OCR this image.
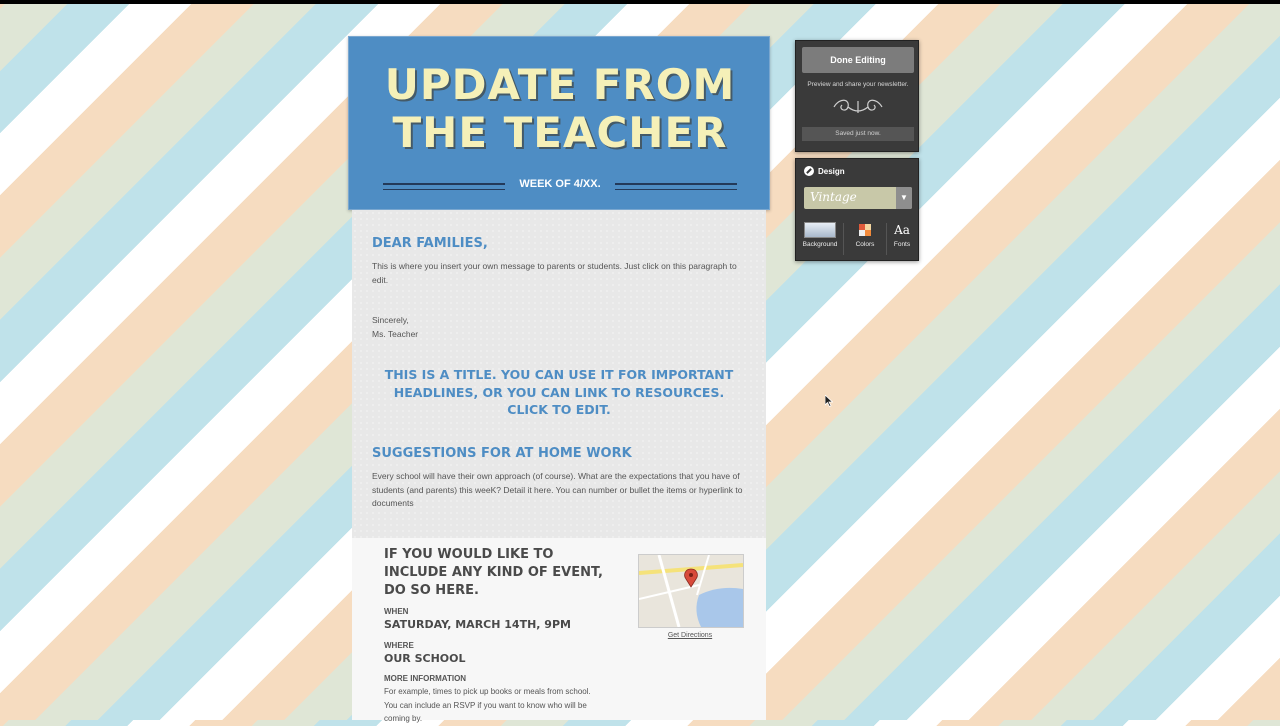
UPDATE FROM
THE TEACHER
WEEK OF 4/XX.
DEAR FAMILIES,
This is where you insert your own message to parents or students. Just click on this paragraph to edit.
Sincerely,
Ms. Teacher
THIS IS A TITLE. YOU CAN USE IT FOR IMPORTANT HEADLINES, OR YOU CAN LINK TO RESOURCES. CLICK TO EDIT.
SUGGESTIONS FOR AT HOME WORK
Every school will have their own approach (of course). What are the expectations that you have of students (and parents) this weeK? Detail it here. You can number or bullet the items or hyperlink to documents
IF YOU WOULD LIKE TO INCLUDE ANY KIND OF EVENT, DO SO HERE.
WHEN
SATURDAY, MARCH 14TH, 9PM
WHERE
OUR SCHOOL
MORE INFORMATION
For example, times to pick up books or meals from school. You can include an RSVP if you want to know who will be coming by.
Get Directions
Done Editing
Preview and share your newsletter.
Saved just now.
Design
Vintage	▼
Background	Colors
Aa
Fonts
